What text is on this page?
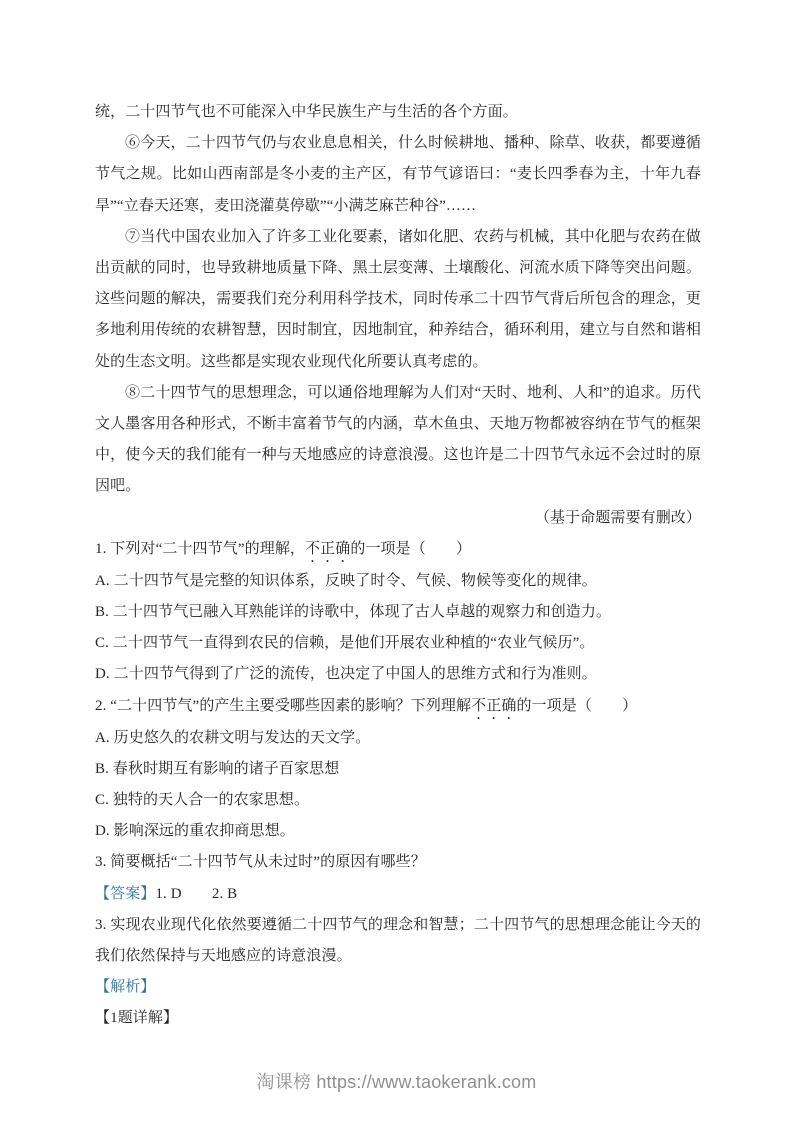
统，二十四节气也不可能深入中华民族生产与生活的各个方面。

⑥今天，二十四节气仍与农业息息相关，什么时候耕地、播种、除草、收获，都要遵循节气之规。比如山西南部是冬小麦的主产区，有节气谚语曰：“麦长四季春为主，十年九春旱”“立春天还寒，麦田浇灌莫停歇”“小满芝麻芒种谷”……

⑦当代中国农业加入了许多工业化要素，诸如化肥、农药与机械，其中化肥与农药在做出贡献的同时，也导致耕地质量下降、黑土层变薄、土壤酸化、河流水质下降等突出问题。这些问题的解决，需要我们充分利用科学技术，同时传承二十四节气背后所包含的理念，更多地利用传统的农耕智慧，因时制宜，因地制宜，种养结合，循环利用，建立与自然和谐相处的生态文明。这些都是实现农业现代化所要认真考虑的。

⑧二十四节气的思想理念，可以通俗地理解为人们对“天时、地利、人和”的追求。历代文人墨客用各种形式，不断丰富着节气的内涵，草木鱼虫、天地万物都被容纳在节气的框架中，使今天的我们能有一种与天地感应的诗意浪漫。这也许是二十四节气永远不会过时的原因吧。

（基于命题需要有删改）

1. 下列对“二十四节气”的理解，不正确的一项是（　　）

A. 二十四节气是完整的知识体系，反映了时令、气候、物候等变化的规律。

B. 二十四节气已融入耳熟能详的诗歌中，体现了古人卓越的观察力和创造力。

C. 二十四节气一直得到农民的信赖，是他们开展农业种植的“农业气候历”。

D. 二十四节气得到了广泛的流传，也决定了中国人的思维方式和行为准则。

2. “二十四节气”的产生主要受哪些因素的影响？下列理解不正确的一项是（　　）

A. 历史悠久的农耕文明与发达的天文学。

B. 春秋时期互有影响的诸子百家思想

C. 独特的天人合一的农家思想。

D. 影响深远的重农抑商思想。

3. 简要概括“二十四节气从未过时”的原因有哪些？

【答案】1. D　　2. B

3. 实现农业现代化依然要遵循二十四节气的理念和智慧；二十四节气的思想理念能让今天的我们依然保持与天地感应的诗意浪漫。

【解析】

【1题详解】

淘课榜 https://www.taokerank.com
